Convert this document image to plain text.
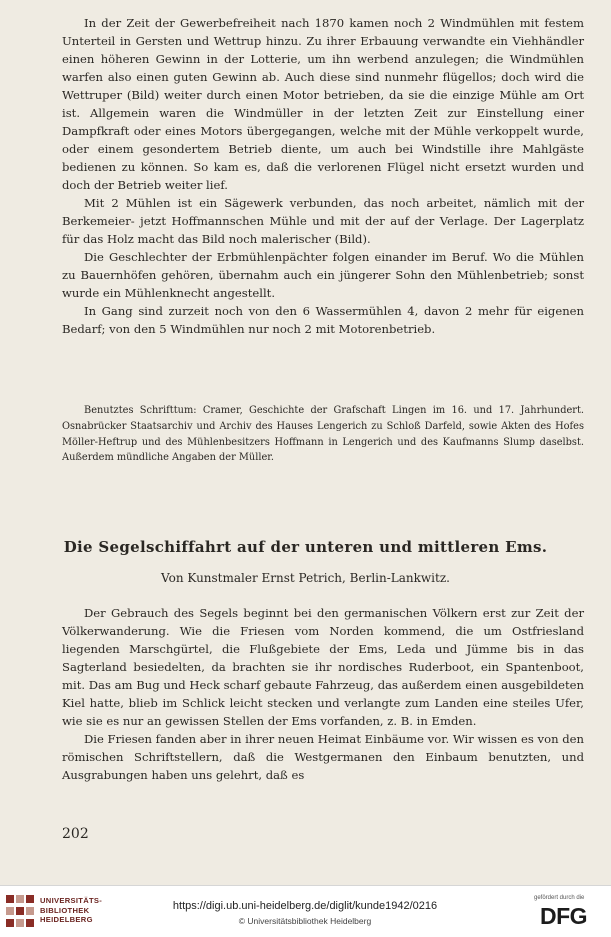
In der Zeit der Gewerbefreiheit nach 1870 kamen noch 2 Windmühlen mit festem Unterteil in Gersten und Wettrup hinzu. Zu ihrer Erbauung verwandte ein Viehhändler einen höheren Gewinn in der Lotterie, um ihn werbend anzulegen; die Windmühlen warfen also einen guten Gewinn ab. Auch diese sind nunmehr flügellos; doch wird die Wettruper (Bild) weiter durch einen Motor betrieben, da sie die einzige Mühle am Ort ist. Allgemein waren die Windmüller in der letzten Zeit zur Einstellung einer Dampfkraft oder eines Motors übergegangen, welche mit der Mühle verkoppelt wurde, oder einem gesondertem Betrieb diente, um auch bei Windstille ihre Mahlgäste bedienen zu können. So kam es, daß die verlorenen Flügel nicht ersetzt wurden und doch der Betrieb weiter lief.

Mit 2 Mühlen ist ein Sägewerk verbunden, das noch arbeitet, nämlich mit der Berkemeier- jetzt Hoffmannschen Mühle und mit der auf der Verlage. Der Lagerplatz für das Holz macht das Bild noch malerischer (Bild).

Die Geschlechter der Erbmühlenpächter folgen einander im Beruf. Wo die Mühlen zu Bauernhöfen gehören, übernahm auch ein jüngerer Sohn den Mühlenbetrieb; sonst wurde ein Mühlenknecht angestellt.

In Gang sind zurzeit noch von den 6 Wassermühlen 4, davon 2 mehr für eigenen Bedarf; von den 5 Windmühlen nur noch 2 mit Motorenbetrieb.

Benutztes Schrifttum: Cramer, Geschichte der Grafschaft Lingen im 16. und 17. Jahrhundert. Osnabrücker Staatsarchiv und Archiv des Hauses Lengerich zu Schloß Darfeld, sowie Akten des Hofes Möller-Heftrup und des Mühlenbesitzers Hoffmann in Lengerich und des Kaufmanns Slump daselbst. Außerdem mündliche Angaben der Müller.

Die Segelschiffahrt auf der unteren und mittleren Ems.
Von Kunstmaler Ernst Petrich, Berlin-Lankwitz.

Der Gebrauch des Segels beginnt bei den germanischen Völkern erst zur Zeit der Völkerwanderung. Wie die Friesen vom Norden kommend, die um Ostfriesland liegenden Marschgürtel, die Flußgebiete der Ems, Leda und Jümme bis in das Sagterland besiedelten, da brachten sie ihr nordisches Ruderboot, ein Spantenboot, mit. Das am Bug und Heck scharf gebaute Fahrzeug, das außerdem einen ausgebildeten Kiel hatte, blieb im Schlick leicht stecken und verlangte zum Landen eine steiles Ufer, wie sie es nur an gewissen Stellen der Ems vorfanden, z. B. in Emden.

Die Friesen fanden aber in ihrer neuen Heimat Einbäume vor. Wir wissen es von den römischen Schriftstellern, daß die Westgermanen den Einbaum benutzten, und Ausgrabungen haben uns gelehrt, daß es

202
UNIVERSITÄTS-
BIBLIOTHEK
HEIDELBERG
https://digi.ub.uni-heidelberg.de/diglit/kunde1942/0216
© Universitätsbibliothek Heidelberg
gefördert durch die
DFG
